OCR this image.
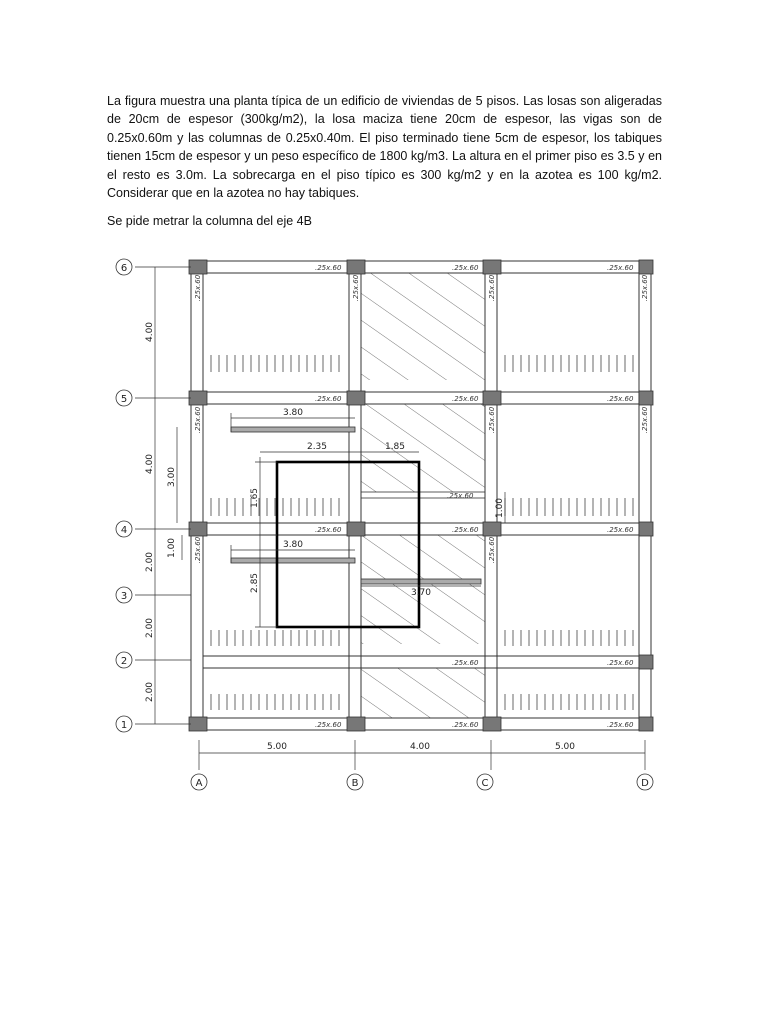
La figura muestra una planta típica de un edificio de viviendas de 5 pisos. Las losas son aligeradas de 20cm de espesor (300kg/m2), la losa maciza tiene 20cm de espesor, las vigas son de 0.25x0.60m y las columnas de 0.25x0.40m. El piso terminado tiene 5cm de espesor, los tabiques tienen 15cm de espesor y un peso específico de 1800 kg/m3. La altura en el primer piso es 3.5 y en el resto es 3.0m. La sobrecarga en el piso típico es 300 kg/m2 y en la azotea es 100 kg/m2. Considerar que en la azotea no hay tabiques.

Se pide metrar la columna del eje 4B

6
5
4
3
2
1
A	B	C	D
4.00
4.00
2.00
2.00
2.00
5.00	4.00	5.00
3.80
2.35	1.85
3.80
3.70
1.65
2.85
3.00
1.00
1.00
.25x.60	.25x.60	.25x.60
.25x.60	.25x.60	.25x.60
.25x.60	.25x.60	.25x.60
.25x.60
.25x.60	.25x.60
.25x.60	.25x.60	.25x.60
.25x.60	.25x.60	.25x.60	.25x.60
.25x.60	.25x.60	.25x.60
.25x.60	.25x.60
